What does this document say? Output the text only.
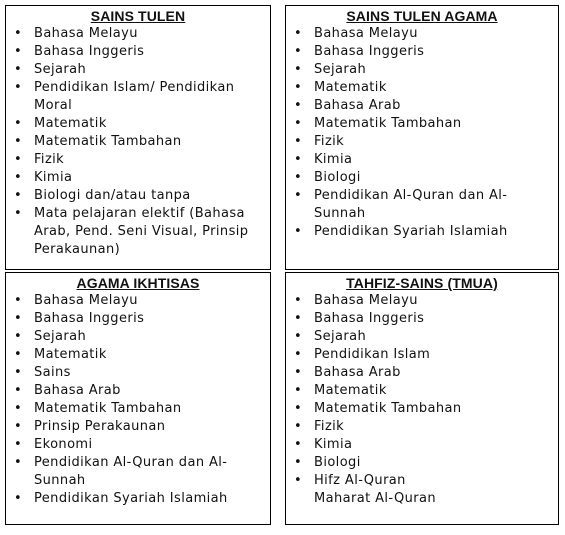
SAINS TULEN
• Bahasa Melayu
• Bahasa Inggeris
• Sejarah
• Pendidikan Islam/ Pendidikan Moral
• Matematik
• Matematik Tambahan
• Fizik
• Kimia
• Biologi dan/atau tanpa
• Mata pelajaran elektif (Bahasa Arab, Pend. Seni Visual, Prinsip Perakaunan)
SAINS TULEN AGAMA
• Bahasa Melayu
• Bahasa Inggeris
• Sejarah
• Matematik
• Bahasa Arab
• Matematik Tambahan
• Fizik
• Kimia
• Biologi
• Pendidikan Al-Quran dan Al-Sunnah
• Pendidikan Syariah Islamiah
AGAMA IKHTISAS
• Bahasa Melayu
• Bahasa Inggeris
• Sejarah
• Matematik
• Sains
• Bahasa Arab
• Matematik Tambahan
• Prinsip Perakaunan
• Ekonomi
• Pendidikan Al-Quran dan Al-Sunnah
• Pendidikan Syariah Islamiah
TAHFIZ-SAINS (TMUA)
• Bahasa Melayu
• Bahasa Inggeris
• Sejarah
• Pendidikan Islam
• Bahasa Arab
• Matematik
• Matematik Tambahan
• Fizik
• Kimia
• Biologi
• Hifz Al-Quran
Maharat Al-Quran
